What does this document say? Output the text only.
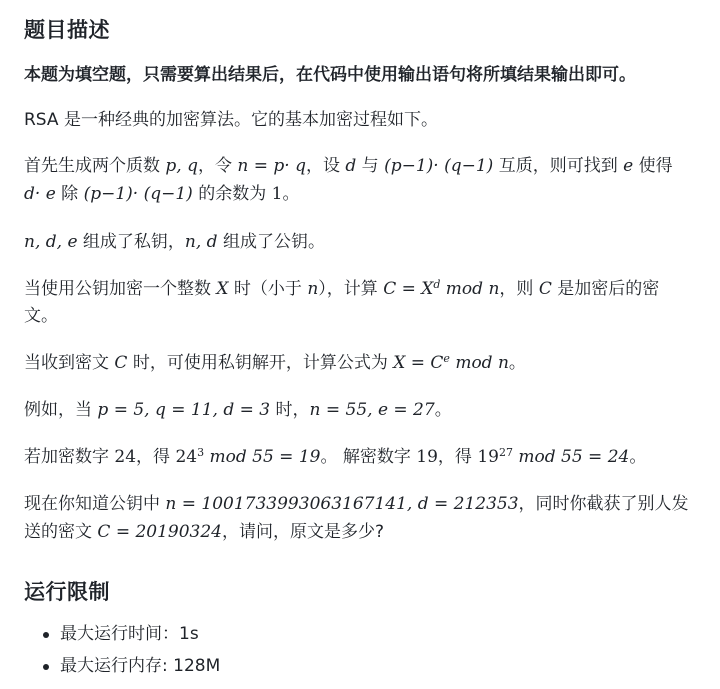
题目描述
本题为填空题，只需要算出结果后，在代码中使用输出语句将所填结果输出即可。
RSA 是一种经典的加密算法。它的基本加密过程如下。
首先生成两个质数 p, q，令 n = p· q，设 d 与 (p−1)· (q−1) 互质，则可找到 e 使得
d· e 除 (p−1)· (q−1) 的余数为 1。
n, d, e 组成了私钥，n, d 组成了公钥。
当使用公钥加密一个整数 X 时（小于 n），计算 $C = X^d$ mod n，则 C 是加密后的密
文。
当收到密文 C 时，可使用私钥解开，计算公式为 $X = C^e$ mod n。
例如，当 p = 5, q = 11, d = 3 时，n = 55, e = 27。
若加密数字 24，得 $24^3$ mod 55 = 19。 解密数字 19，得 $19^{27}$ mod 55 = 24。
现在你知道公钥中 n = 1001733993063167141, d = 212353，同时你截获了别人发
送的密文 C = 20190324，请问，原文是多少?
运行限制
最大运行时间：1s
最大运行内存: 128M
